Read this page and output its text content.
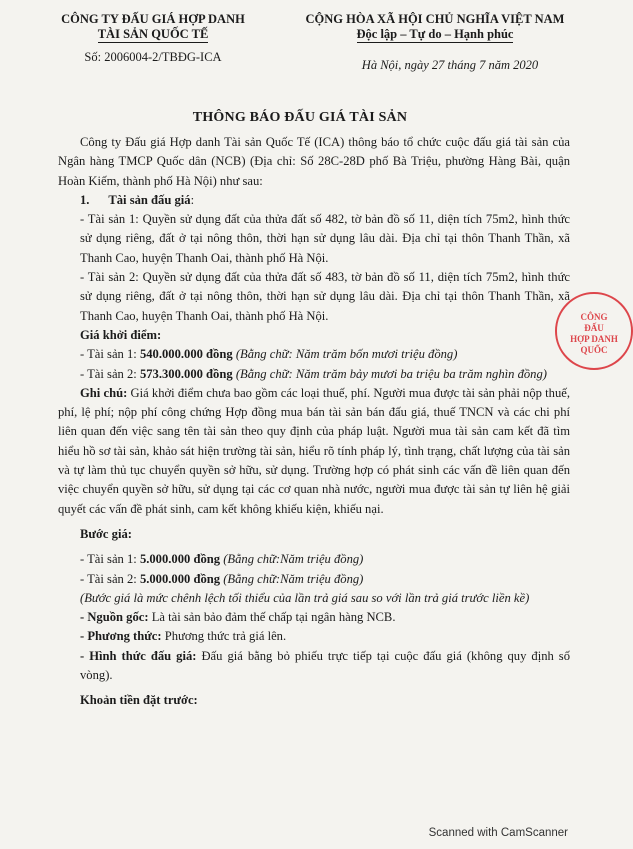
CÔNG TY ĐẤU GIÁ HỢP DANH
TÀI SẢN QUỐC TẾ
Số: 2006004-2/TBĐG-ICA
CỘNG HÒA XÃ HỘI CHỦ NGHĨA VIỆT NAM
Độc lập – Tự do – Hạnh phúc
Hà Nội, ngày 27 tháng 7 năm 2020
THÔNG BÁO ĐẤU GIÁ TÀI SẢN

Công ty Đấu giá Hợp danh Tài sản Quốc Tế (ICA) thông báo tổ chức cuộc đấu giá tài sản của Ngân hàng TMCP Quốc dân (NCB) (Địa chỉ: Số 28C-28D phố Bà Triệu, phường Hàng Bài, quận Hoàn Kiếm, thành phố Hà Nội) như sau:

1. Tài sản đấu giá:

- Tài sản 1: Quyền sử dụng đất của thửa đất số 482, tờ bản đồ số 11, diện tích 75m2, hình thức sử dụng riêng, đất ở tại nông thôn, thời hạn sử dụng lâu dài. Địa chỉ tại thôn Thanh Thần, xã Thanh Cao, huyện Thanh Oai, thành phố Hà Nội.

- Tài sản 2: Quyền sử dụng đất của thửa đất số 483, tờ bản đồ số 11, diện tích 75m2, hình thức sử dụng riêng, đất ở tại nông thôn, thời hạn sử dụng lâu dài. Địa chỉ tại thôn Thanh Thần, xã Thanh Cao, huyện Thanh Oai, thành phố Hà Nội.

Giá khởi điểm:

- Tài sản 1: 540.000.000 đồng (Bằng chữ: Năm trăm bốn mươi triệu đồng)

- Tài sản 2: 573.300.000 đồng (Bằng chữ: Năm trăm bảy mươi ba triệu ba trăm nghìn đồng)

Ghi chú: Giá khởi điểm chưa bao gồm các loại thuế, phí. Người mua được tài sản phải nộp thuế, phí, lệ phí; nộp phí công chứng Hợp đồng mua bán tài sản bán đấu giá, thuế TNCN và các chi phí liên quan đến việc sang tên tài sản theo quy định của pháp luật. Người mua tài sản cam kết đã tìm hiểu hồ sơ tài sản, khảo sát hiện trường tài sản, hiểu rõ tính pháp lý, tình trạng, chất lượng của tài sản và tự làm thủ tục chuyển quyền sở hữu, sử dụng. Trường hợp có phát sinh các vấn đề liên quan đến việc chuyển quyền sở hữu, sử dụng tại các cơ quan nhà nước, người mua được tài sản tự liên hệ giải quyết các vấn đề phát sinh, cam kết không khiếu kiện, khiếu nại.

Bước giá:

- Tài sản 1: 5.000.000 đồng (Bằng chữ:Năm triệu đồng)

- Tài sản 2: 5.000.000 đồng (Bằng chữ:Năm triệu đồng)

(Bước giá là mức chênh lệch tối thiểu của lần trả giá sau so với lần trả giá trước liền kề)

- Nguồn gốc: Là tài sản bảo đảm thế chấp tại ngân hàng NCB.

- Phương thức: Phương thức trả giá lên.

- Hình thức đấu giá: Đấu giá bằng bỏ phiếu trực tiếp tại cuộc đấu giá (không quy định số vòng).

Khoản tiền đặt trước:

CÔNG
ĐẤU
HỢP DANH
QUỐC
Scanned with CamScanner
